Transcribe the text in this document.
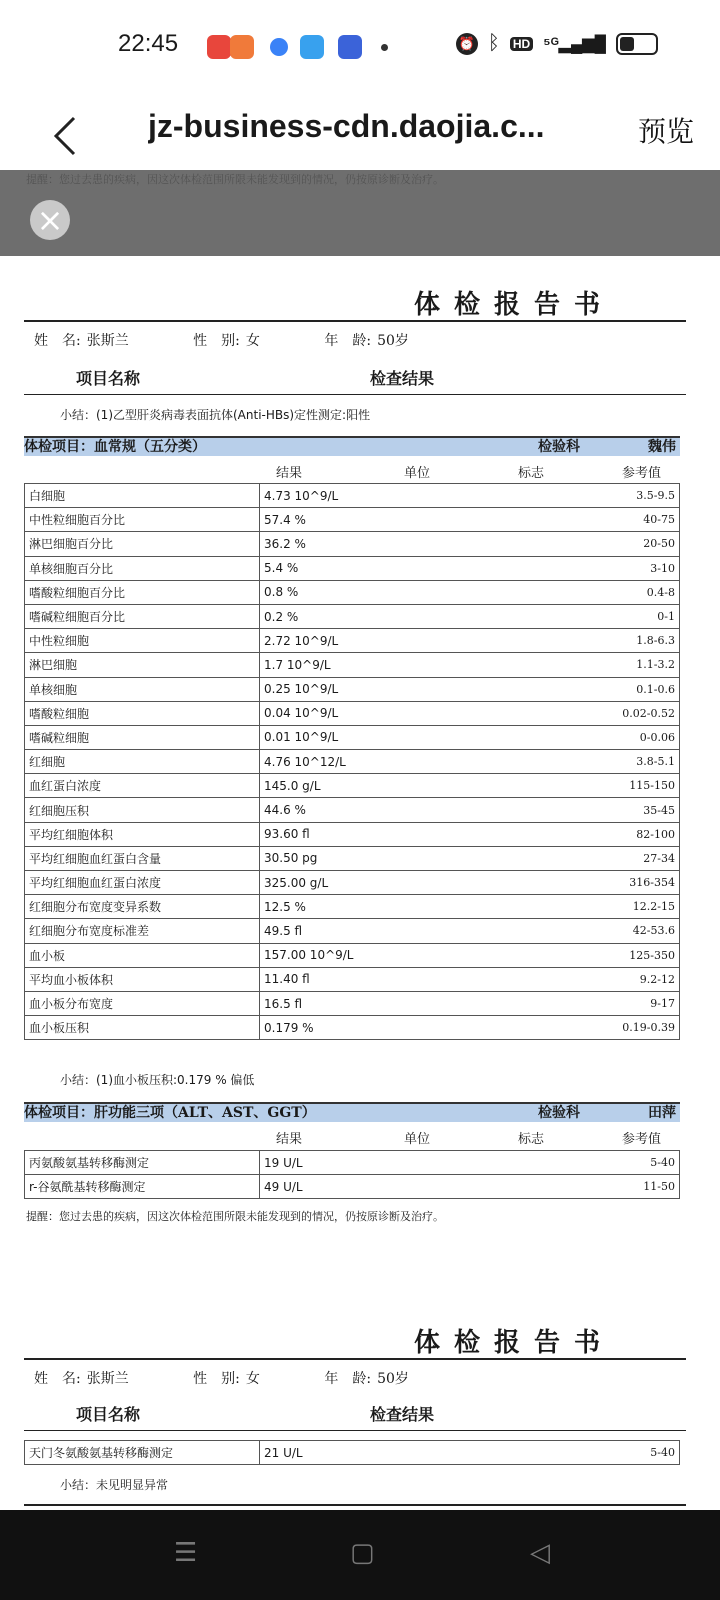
22:45	⏰ ᛒ HD ⁵ᴳ▂▄▆█
jz-business-cdn.daojia.c...	预览
体检报告书
姓　名: 张斯兰	性　别: 女	年　龄: 50岁
项目名称	检查结果
小结：(1)乙型肝炎病毒表面抗体(Anti-HBs)定性测定:阳性
体检项目：血常规（五分类）	检验科	魏伟
结果	单位	标志	参考值
白细胞	4.73 10^9/L	3.5-9.5
中性粒细胞百分比	57.4 %	40-75
淋巴细胞百分比	36.2 %	20-50
单核细胞百分比	5.4 %	3-10
嗜酸粒细胞百分比	0.8 %	0.4-8
嗜碱粒细胞百分比	0.2 %	0-1
中性粒细胞	2.72 10^9/L	1.8-6.3
淋巴细胞	1.7 10^9/L	1.1-3.2
单核细胞	0.25 10^9/L	0.1-0.6
嗜酸粒细胞	0.04 10^9/L	0.02-0.52
嗜碱粒细胞	0.01 10^9/L	0-0.06
红细胞	4.76 10^12/L	3.8-5.1
血红蛋白浓度	145.0 g/L	115-150
红细胞压积	44.6 %	35-45
平均红细胞体积	93.60 fl	82-100
平均红细胞血红蛋白含量	30.50 pg	27-34
平均红细胞血红蛋白浓度	325.00 g/L	316-354
红细胞分布宽度变异系数	12.5 %	12.2-15
红细胞分布宽度标准差	49.5 fl	42-53.6
血小板	157.00 10^9/L	125-350
平均血小板体积	11.40 fl	9.2-12
血小板分布宽度	16.5 fl	9-17
血小板压积	0.179 %	0.19-0.39
小结：(1)血小板压积:0.179 % 偏低
体检项目：肝功能三项（ALT、AST、GGT）	检验科	田萍
结果	单位	标志	参考值
丙氨酸氨基转移酶测定	19 U/L	5-40
r-谷氨酰基转移酶测定	49 U/L	11-50
提醒：您过去患的疾病，因这次体检范围所限未能发现到的情况，仍按原诊断及治疗。
体检报告书
姓　名: 张斯兰	性　别: 女	年　龄: 50岁
项目名称	检查结果
天门冬氨酸氨基转移酶测定	21 U/L	5-40
小结：未见明显异常
×
☰	▢	◁
